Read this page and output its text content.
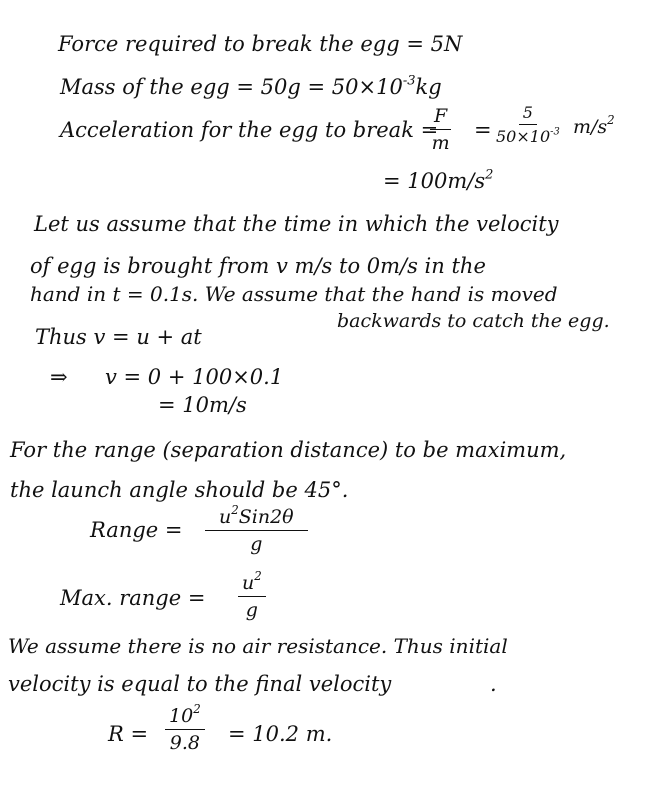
Force required to break the egg = 5N
Mass of the egg = $50g = 50\times 10^{-3}kg$
Acceleration for the egg to break =
$\frac{F}{m} = \frac{5}{50\times 10^{-3}} m/s^2$
= $100m/s^2$
Let us assume that the time in which the velocity
of egg is brought from v m/s to 0m/s in the
hand in t = 0.1s. We assume that the hand is moved
backwards to catch the egg.
Thus v = u + at
⇒ v = 0 + 100×0.1
= 10m/s
For the range (separation distance) to be maximum,
the launch angle should be 45°.
Range =
$u^2Sin2\theta$
g
Max. range = $\frac{u^2}{g}$
We assume there is no air resistance. Thus initial
velocity is equal to the final velocity	.
$R = \frac{10^2}{9.8} = 10.2$ m.
